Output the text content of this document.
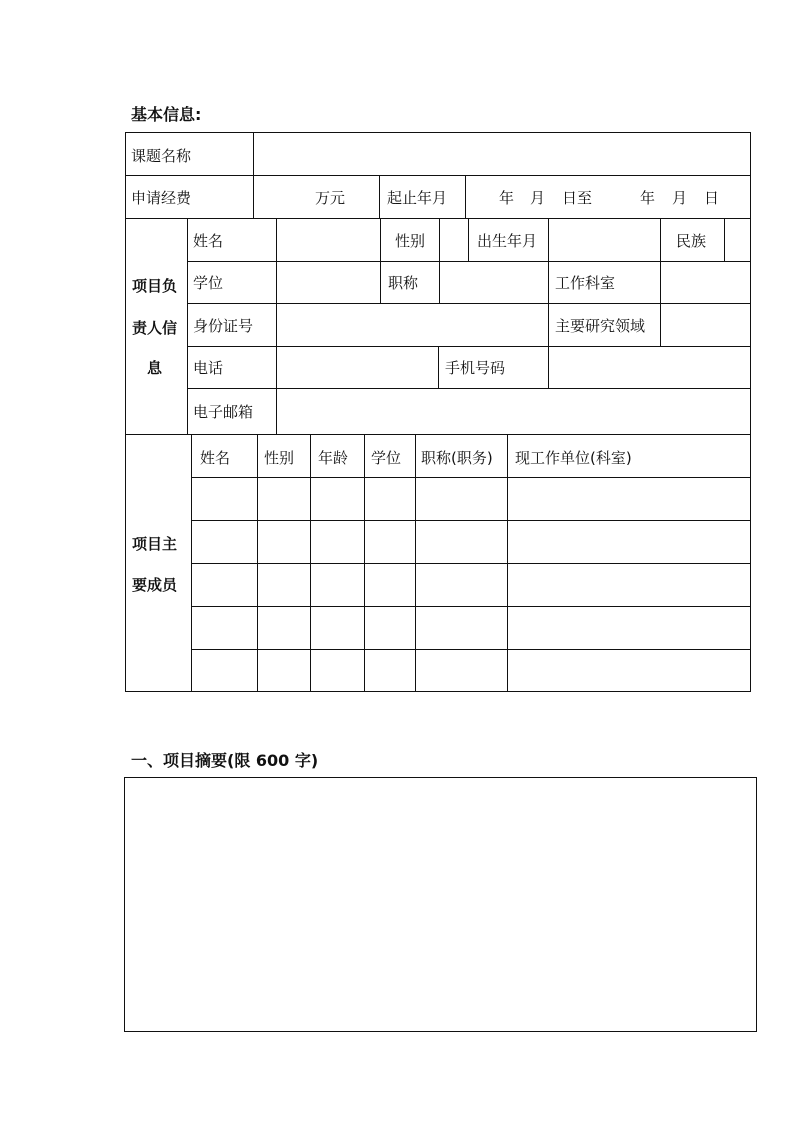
基本信息:
课题名称
申请经费	万元	起止年月	年 月 日至	年 月 日
项目负
责人信
息
姓名	性别	出生年月	民族
学位	职称	工作科室
身份证号	主要研究领域
电话	手机号码
电子邮箱
项目主
要成员
姓名 性别 年龄 学位 职称(职务) 现工作单位(科室)
一、项目摘要(限 600 字)
